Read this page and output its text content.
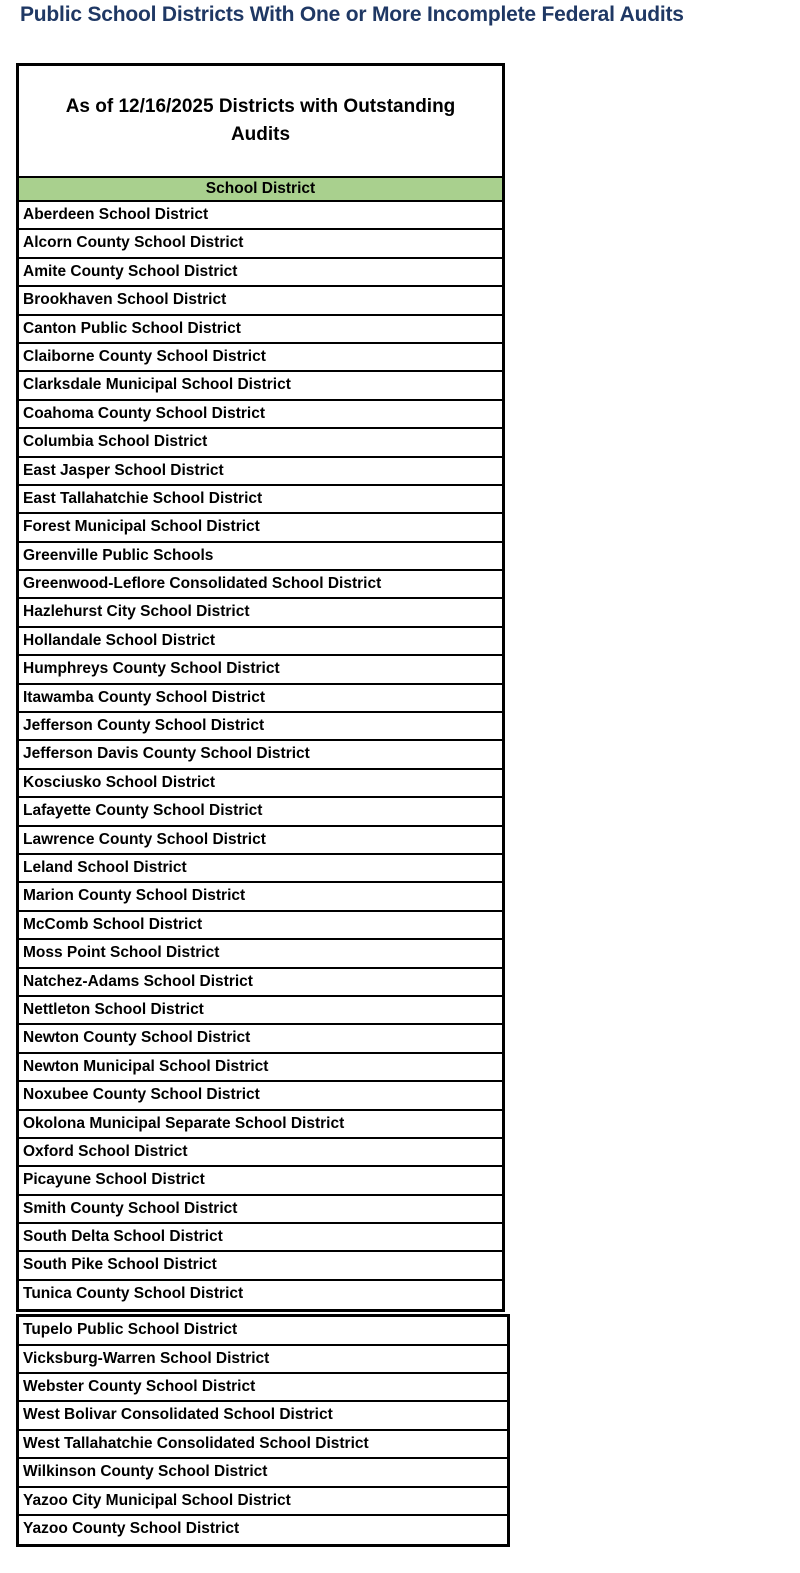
Public School Districts With One or More Incomplete Federal Audits
As of 12/16/2025 Districts with Outstanding Audits
School District
Aberdeen School District
Alcorn County School District
Amite County School District
Brookhaven School District
Canton Public School District
Claiborne County School District
Clarksdale Municipal School District
Coahoma County School District
Columbia School District
East Jasper School District
East Tallahatchie School District
Forest Municipal School District
Greenville Public Schools
Greenwood-Leflore Consolidated School District
Hazlehurst City School District
Hollandale School District
Humphreys County School District
Itawamba County School District
Jefferson County School District
Jefferson Davis County School District
Kosciusko School District
Lafayette County School District
Lawrence County School District
Leland School District
Marion County School District
McComb School District
Moss Point School District
Natchez-Adams School District
Nettleton School District
Newton County School District
Newton Municipal School District
Noxubee County School District
Okolona Municipal Separate School District
Oxford School District
Picayune School District
Smith County School District
South Delta School District
South Pike School District
Tunica County School District
Tupelo Public School District
Vicksburg-Warren School District
Webster County School District
West Bolivar Consolidated School District
West Tallahatchie Consolidated School District
Wilkinson County School District
Yazoo City Municipal School District
Yazoo County School District
